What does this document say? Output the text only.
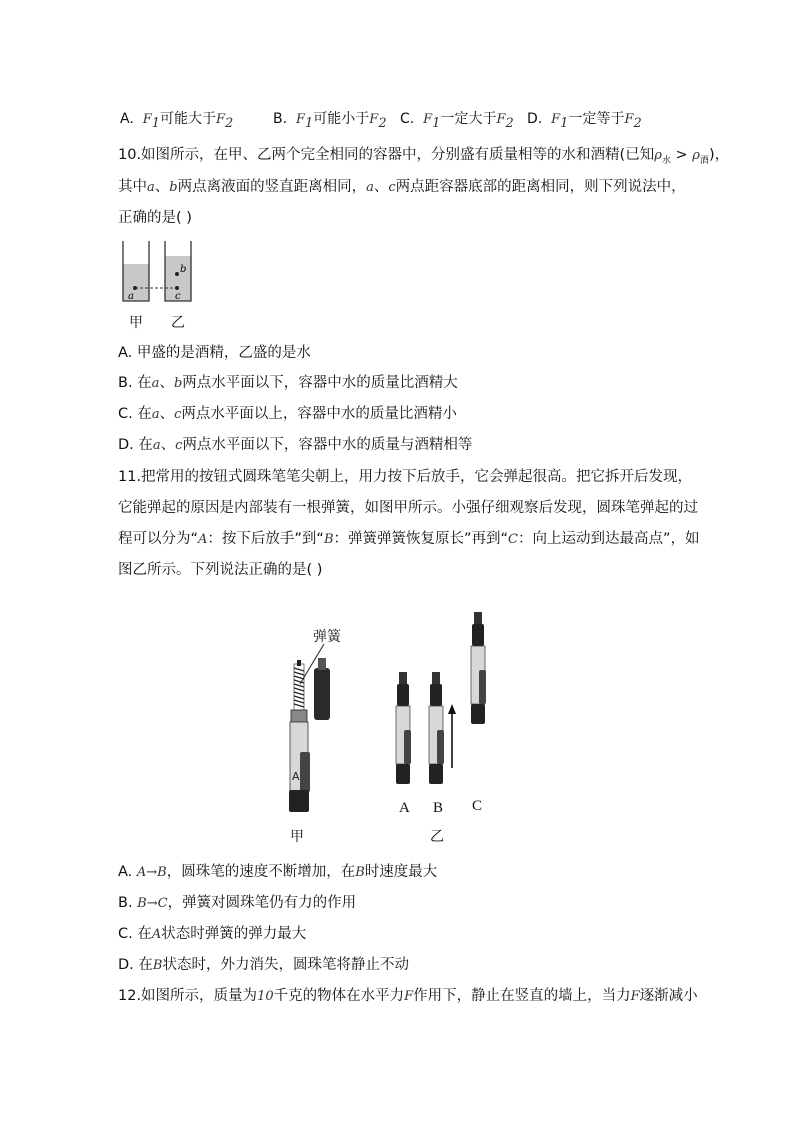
A. $F_1$可能大于$F_2$	B. $F_1$可能小于$F_2$ C. $F_1$一定大于$F_2$ D. $F_1$一定等于$F_2$
10.如图所示，在甲、乙两个完全相同的容器中，分别盛有质量相等的水和酒精(已知$\rho_水 > \rho_酒$)，
其中a、b两点离液面的竖直距离相同，a、c两点距容器底部的距离相同，则下列说法中，
正确的是( )
a	c
b
甲 乙
A. 甲盛的是酒精，乙盛的是水
B. 在a、b两点水平面以下，容器中水的质量比酒精大
C. 在a、c两点水平面以上，容器中水的质量比酒精小
D. 在a、c两点水平面以下，容器中水的质量与酒精相等
11.把常用的按钮式圆珠笔笔尖朝上，用力按下后放手，它会弹起很高。把它拆开后发现，
它能弹起的原因是内部装有一根弹簧，如图甲所示。小强仔细观察后发现，圆珠笔弹起的过
程可以分为“A：按下后放手”到“B：弹簧弹簧恢复原长”再到“C：向上运动到达最高点”，如
图乙所示。下列说法正确的是( )
弹簧
A
甲
A B C
乙
A. A→B，圆珠笔的速度不断增加，在B时速度最大
B. B→C，弹簧对圆珠笔仍有力的作用
C. 在A状态时弹簧的弹力最大
D. 在B状态时，外力消失，圆珠笔将静止不动
12.如图所示，质量为10千克的物体在水平力F作用下，静止在竖直的墙上，当力F逐渐减小
